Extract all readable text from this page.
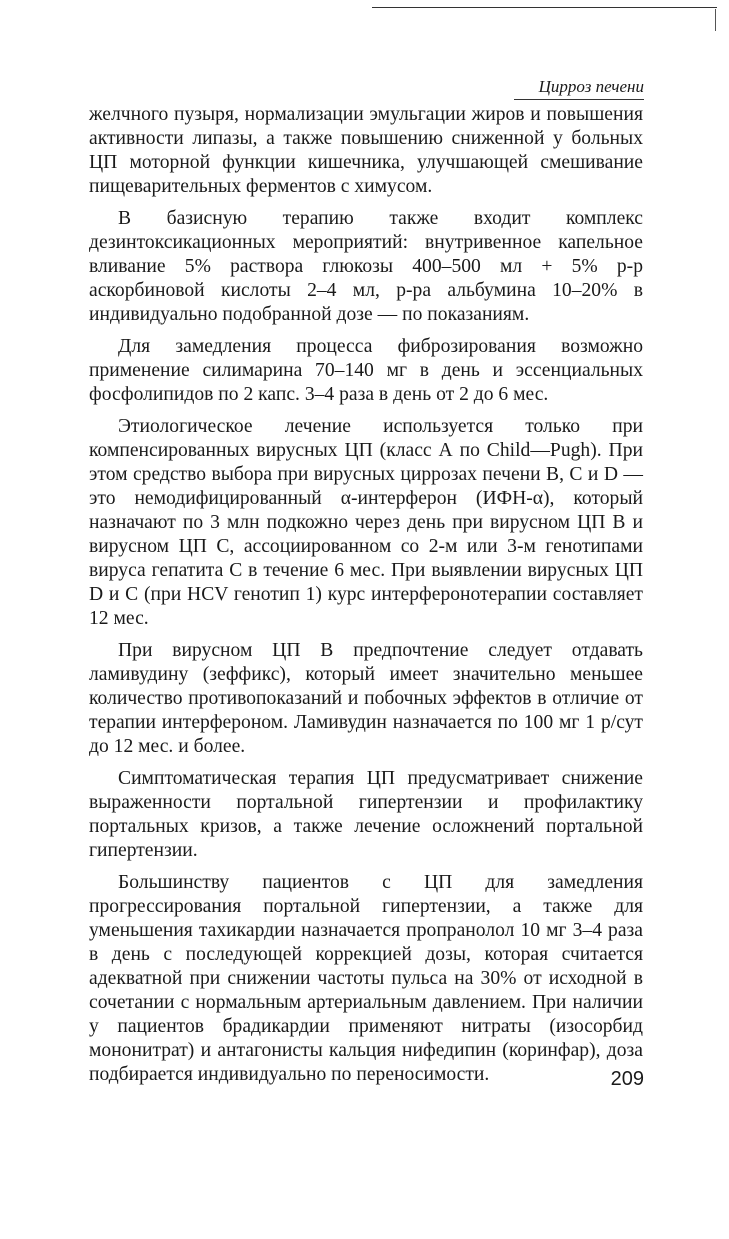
Цирроз печени

желчного пузыря, нормализации эмульгации жиров и повышения активности липазы, а также повышению сниженной у больных ЦП моторной функции кишечника, улучшающей смешивание пищеварительных ферментов с химусом.

В базисную терапию также входит комплекс дезинтоксикационных мероприятий: внутривенное капельное вливание 5% раствора глюкозы 400–500 мл + 5% р-р аскорбиновой кислоты 2–4 мл, р-ра альбумина 10–20% в индивидуально подобранной дозе — по показаниям.

Для замедления процесса фиброзирования возможно применение силимарина 70–140 мг в день и эссенциальных фосфолипидов по 2 капс. 3–4 раза в день от 2 до 6 мес.

Этиологическое лечение используется только при компенсированных вирусных ЦП (класс А по Child—Pugh). При этом средство выбора при вирусных циррозах печени В, С и D — это немодифицированный α-интерферон (ИФН-α), который назначают по 3 млн подкожно через день при вирусном ЦП В и вирусном ЦП С, ассоциированном со 2-м или 3-м генотипами вируса гепатита С в течение 6 мес. При выявлении вирусных ЦП D и С (при HCV генотип 1) курс интерферонотерапии составляет 12 мес.

При вирусном ЦП В предпочтение следует отдавать ламивудину (зеффикс), который имеет значительно меньшее количество противопоказаний и побочных эффектов в отличие от терапии интерфероном. Ламивудин назначается по 100 мг 1 р/сут до 12 мес. и более.

Симптоматическая терапия ЦП предусматривает снижение выраженности портальной гипертензии и профилактику портальных кризов, а также лечение осложнений портальной гипертензии.

Большинству пациентов с ЦП для замедления прогрессирования портальной гипертензии, а также для уменьшения тахикардии назначается пропранолол 10 мг 3–4 раза в день с последующей коррекцией дозы, которая считается адекватной при снижении частоты пульса на 30% от исходной в сочетании с нормальным артериальным давлением. При наличии у пациентов брадикардии применяют нитраты (изосорбид мононитрат) и антагонисты кальция нифедипин (коринфар), доза подбирается индивидуально по переносимости.	209
